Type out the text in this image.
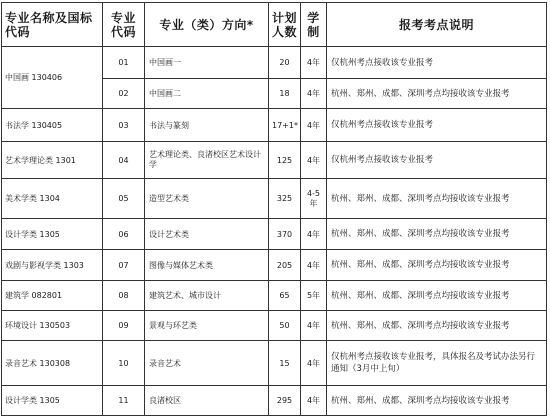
专业名称及国标代码	专业代码	专业（类）方向*	计划人数	学制	报考考点说明
中国画 130406	01	中国画一	20	4年	仅杭州考点接收该专业报考
	02	中国画二	18	4年	杭州、郑州、成都、深圳考点均接收该专业报考
书法学 130405	03	书法与篆刻	17+1*	4年	仅杭州考点接收该专业报考
艺术学理论类 1301	04	艺术理论类、良渚校区艺术设计学	125	4年	仅杭州考点接收该专业报考
美术学类 1304	05	造型艺术类	325	4-5年	杭州、郑州、成都、深圳考点均接收该专业报考
设计学类 1305	06	设计艺术类	370	4年	杭州、郑州、成都、深圳考点均接收该专业报考
戏剧与影视学类 1303	07	图像与媒体艺术类	205	4年	杭州、郑州、成都、深圳考点均接收该专业报考
建筑学 082801	08	建筑艺术、城市设计	65	5年	杭州、郑州、成都、深圳考点均接收该专业报考
环境设计 130503	09	景观与环艺类	50	4年	杭州、郑州、成都、深圳考点均接收该专业报考
录音艺术 130308	10	录音艺术	15	4年	仅杭州考点接收该专业报考，具体报名及考试办法另行通知（3月中上旬）
设计学类 1305	11	良渚校区	295	4年	杭州、郑州、成都、深圳考点均接收该专业报考
